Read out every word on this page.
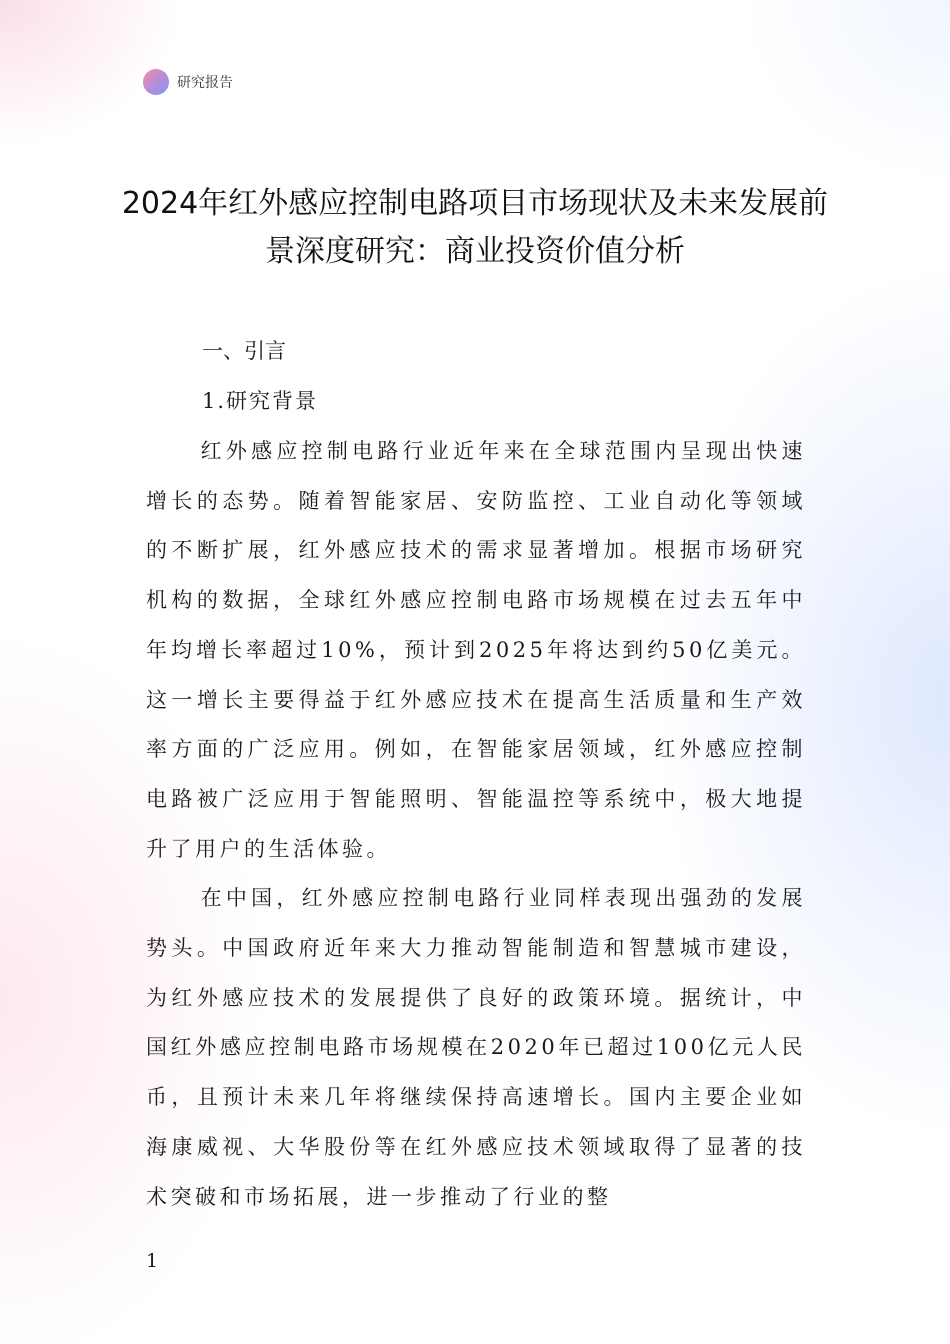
研究报告
2024年红外感应控制电路项目市场现状及未来发展前景深度研究：商业投资价值分析
一、引言
1.研究背景

红外感应控制电路行业近年来在全球范围内呈现出快速增长的态势。随着智能家居、安防监控、工业自动化等领域的不断扩展，红外感应技术的需求显著增加。根据市场研究机构的数据，全球红外感应控制电路市场规模在过去五年中年均增长率超过10%，预计到2025年将达到约50亿美元。这一增长主要得益于红外感应技术在提高生活质量和生产效率方面的广泛应用。例如，在智能家居领域，红外感应控制电路被广泛应用于智能照明、智能温控等系统中，极大地提升了用户的生活体验。

在中国，红外感应控制电路行业同样表现出强劲的发展势头。中国政府近年来大力推动智能制造和智慧城市建设，为红外感应技术的发展提供了良好的政策环境。据统计，中国红外感应控制电路市场规模在2020年已超过100亿元人民币，且预计未来几年将继续保持高速增长。国内主要企业如海康威视、大华股份等在红外感应技术领域取得了显著的技术突破和市场拓展，进一步推动了行业的整

1
